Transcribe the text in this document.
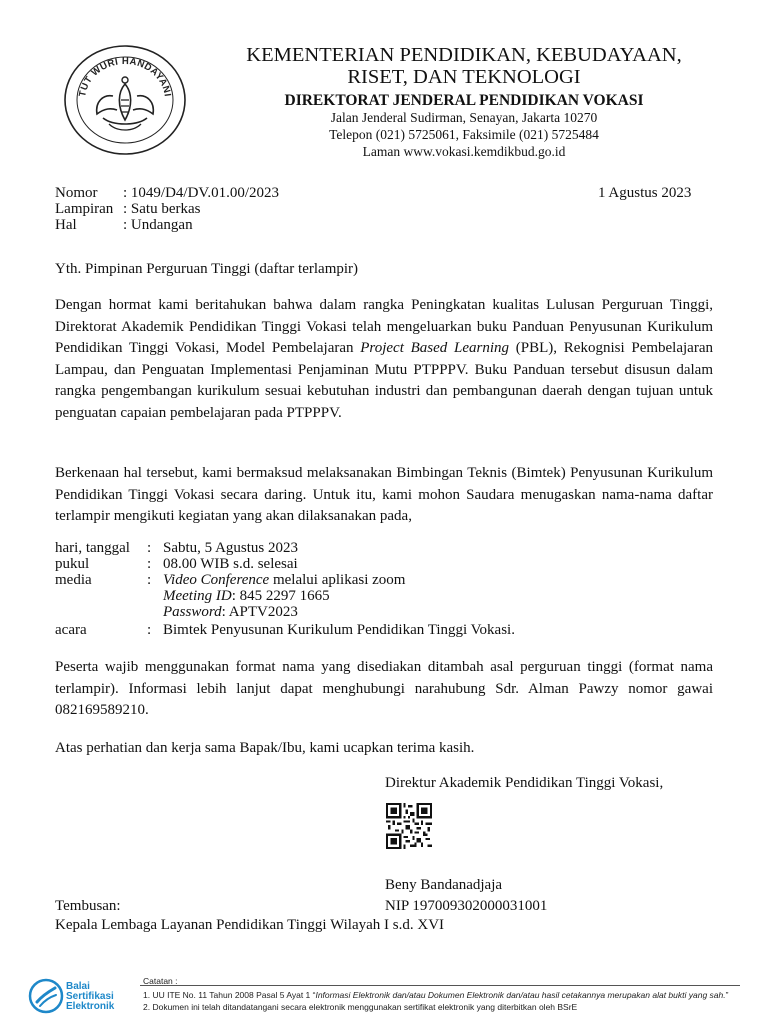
TUT WURI HANDAYANI
KEMENTERIAN PENDIDIKAN, KEBUDAYAAN,
RISET, DAN TEKNOLOGI
DIREKTORAT JENDERAL PENDIDIKAN VOKASI
Jalan Jenderal Sudirman, Senayan, Jakarta 10270
Telepon (021) 5725061, Faksimile (021) 5725484
Laman www.vokasi.kemdikbud.go.id
Nomor : 1049/D4/DV.01.00/2023	1 Agustus 2023
Lampiran : Satu berkas
Hal	: Undangan
Yth. Pimpinan Perguruan Tinggi (daftar terlampir)
Dengan hormat kami beritahukan bahwa dalam rangka Peningkatan kualitas Lulusan Perguruan Tinggi, Direktorat Akademik Pendidikan Tinggi Vokasi telah mengeluarkan buku Panduan Penyusunan Kurikulum Pendidikan Tinggi Vokasi, Model Pembelajaran Project Based Learning (PBL), Rekognisi Pembelajaran Lampau, dan Penguatan Implementasi Penjaminan Mutu PTPPPV. Buku Panduan tersebut disusun dalam rangka pengembangan kurikulum sesuai kebutuhan industri dan pembangunan daerah dengan tujuan untuk penguatan capaian pembelajaran pada PTPPPV.
Berkenaan hal tersebut, kami bermaksud melaksanakan Bimbingan Teknis (Bimtek) Penyusunan Kurikulum Pendidikan Tinggi Vokasi secara daring. Untuk itu, kami mohon Saudara menugaskan nama-nama daftar terlampir mengikuti kegiatan yang akan dilaksanakan pada,
hari, tanggal : Sabtu, 5 Agustus 2023
pukul	: 08.00 WIB s.d. selesai
media	: Video Conference melalui aplikasi zoom
Meeting ID: 845 2297 1665
Password: APTV2023
acara	: Bimtek Penyusunan Kurikulum Pendidikan Tinggi Vokasi.
Peserta wajib menggunakan format nama yang disediakan ditambah asal perguruan tinggi (format nama terlampir). Informasi lebih lanjut dapat menghubungi narahubung Sdr. Alman Pawzy nomor gawai 082169589210.
Atas perhatian dan kerja sama Bapak/Ibu, kami ucapkan terima kasih.
Direktur Akademik Pendidikan Tinggi Vokasi,
Beny Bandanadjaja
NIP 197009302000031001
Tembusan:
Kepala Lembaga Layanan Pendidikan Tinggi Wilayah I s.d. XVI
Balai
Sertifikasi
Elektronik
Catatan :
1. UU ITE No. 11 Tahun 2008 Pasal 5 Ayat 1 “Informasi Elektronik dan/atau Dokumen Elektronik dan/atau hasil cetakannya merupakan alat bukti yang sah.”
2. Dokumen ini telah ditandatangani secara elektronik menggunakan sertifikat elektronik yang diterbitkan oleh BSrE
